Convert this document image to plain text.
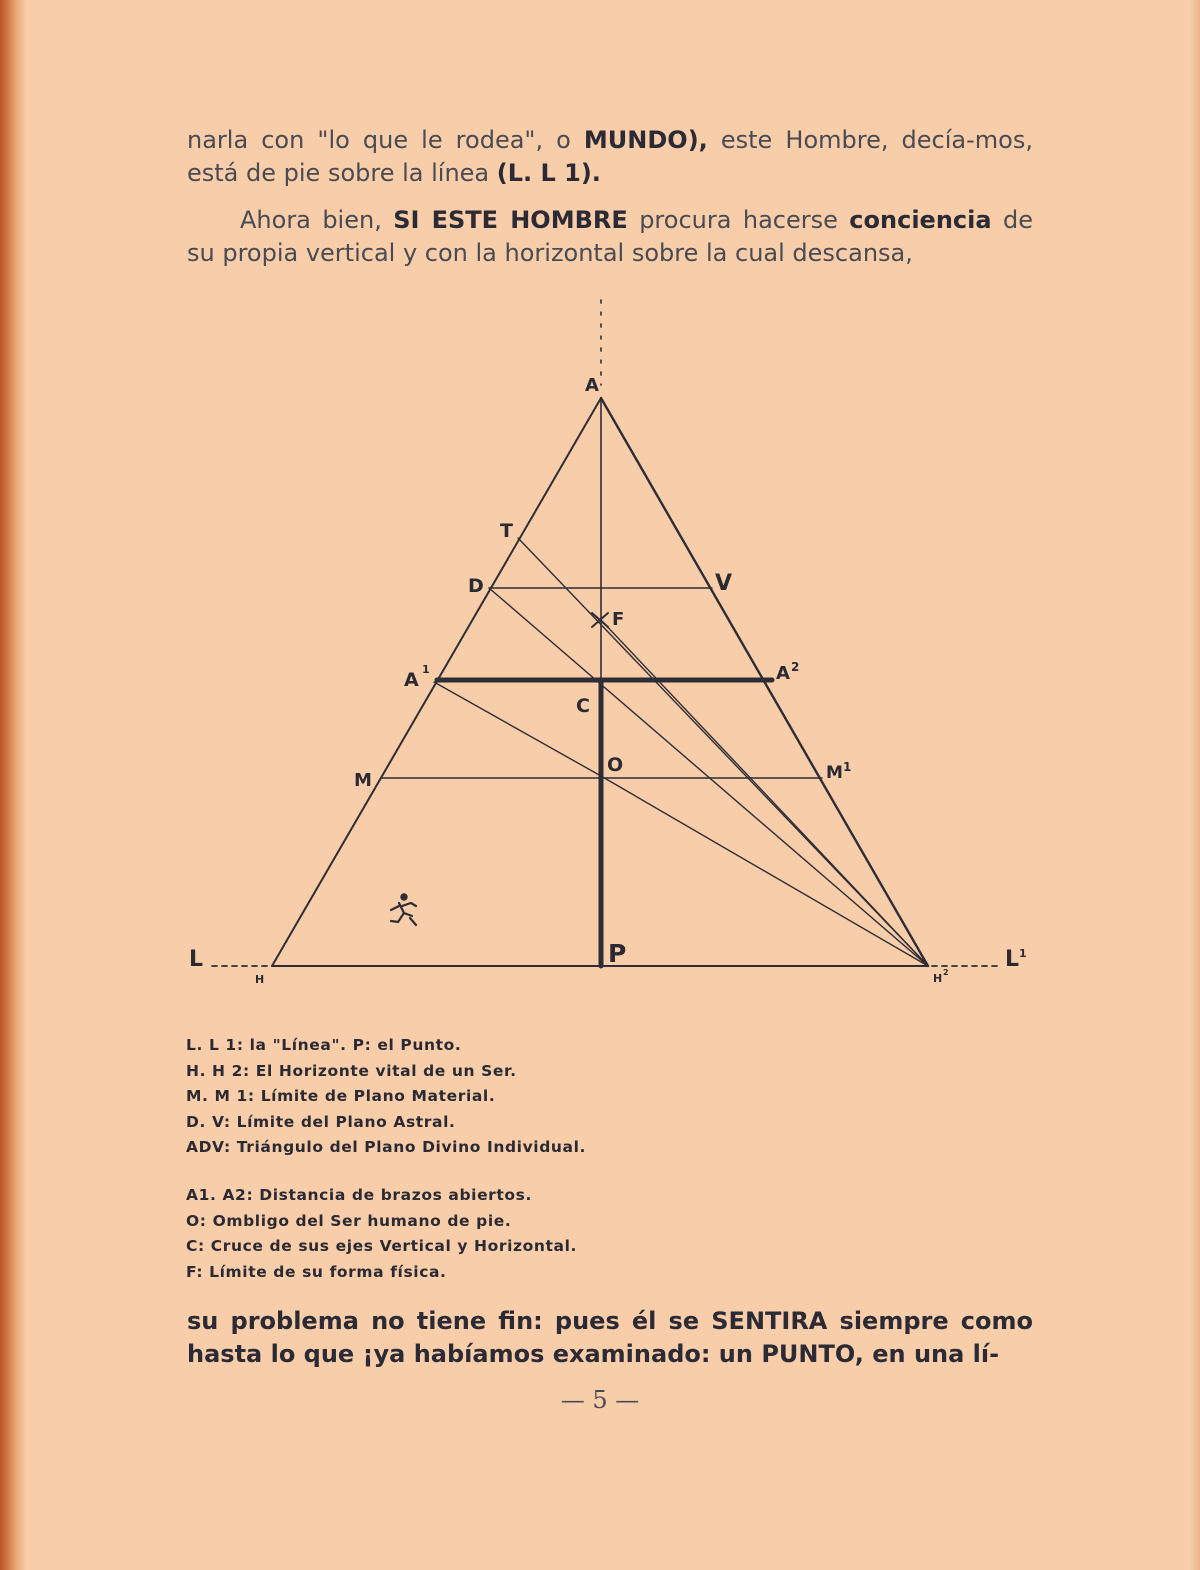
narla con "lo que le rodea", o MUNDO), este Hombre, decía-mos, está de pie sobre la línea (L. L 1).

Ahora bien, SI ESTE HOMBRE procura hacerse conciencia de su propia vertical y con la horizontal sobre la cual descansa,

A
T
D	V
F
A 1	A 2
C
M	M 1
O
P
L	L 1
H	H 2
L. L 1: la "Línea". P: el Punto.
H. H 2: El Horizonte vital de un Ser.
M. M 1: Límite de Plano Material.
D. V: Límite del Plano Astral.
ADV: Triángulo del Plano Divino Individual.
A1. A2: Distancia de brazos abiertos.
O: Ombligo del Ser humano de pie.
C: Cruce de sus ejes Vertical y Horizontal.
F: Límite de su forma física.

su problema no tiene fin: pues él se SENTIRA siempre como hasta lo que ¡ya habíamos examinado: un PUNTO, en una lí-

— 5 —
